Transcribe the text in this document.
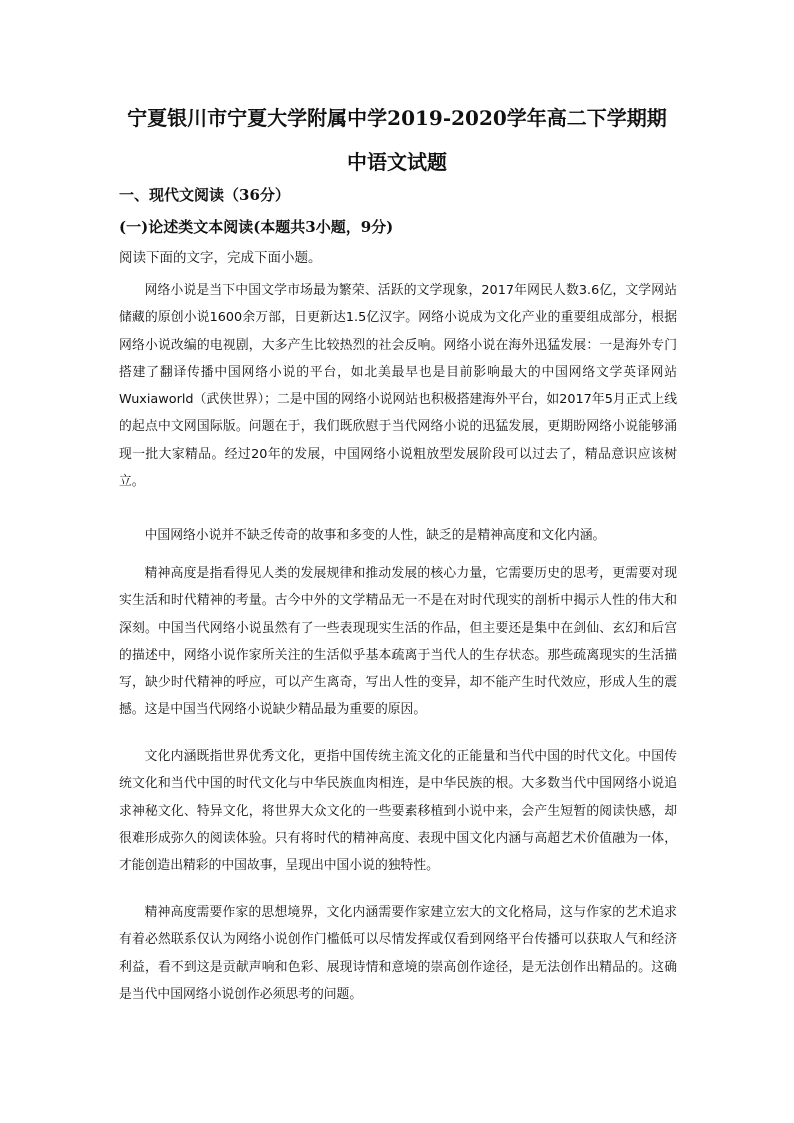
宁夏银川市宁夏大学附属中学2019-2020学年高二下学期期
中语文试题
一、现代文阅读（36分）
(一)论述类文本阅读(本题共3小题，9分)
阅读下面的文字，完成下面小题。

网络小说是当下中国文学市场最为繁荣、活跃的文学现象，2017年网民人数3.6亿，文学网站储藏的原创小说1600余万部，日更新达1.5亿汉字。网络小说成为文化产业的重要组成部分，根据网络小说改编的电视剧，大多产生比较热烈的社会反响。网络小说在海外迅猛发展：一是海外专门搭建了翻译传播中国网络小说的平台，如北美最早也是目前影响最大的中国网络文学英译网站Wuxiaworld（武侠世界）；二是中国的网络小说网站也积极搭建海外平台，如2017年5月正式上线的起点中文网国际版。问题在于，我们既欣慰于当代网络小说的迅猛发展，更期盼网络小说能够涌现一批大家精品。经过20年的发展，中国网络小说粗放型发展阶段可以过去了，精品意识应该树立。

中国网络小说并不缺乏传奇的故事和多变的人性，缺乏的是精神高度和文化内涵。

精神高度是指看得见人类的发展规律和推动发展的核心力量，它需要历史的思考，更需要对现实生活和时代精神的考量。古今中外的文学精品无一不是在对时代现实的剖析中揭示人性的伟大和深刻。中国当代网络小说虽然有了一些表现现实生活的作品，但主要还是集中在剑仙、玄幻和后宫的描述中，网络小说作家所关注的生活似乎基本疏离于当代人的生存状态。那些疏离现实的生活描写，缺少时代精神的呼应，可以产生离奇，写出人性的变异，却不能产生时代效应，形成人生的震撼。这是中国当代网络小说缺少精品最为重要的原因。

文化内涵既指世界优秀文化，更指中国传统主流文化的正能量和当代中国的时代文化。中国传统文化和当代中国的时代文化与中华民族血肉相连，是中华民族的根。大多数当代中国网络小说追求神秘文化、特异文化，将世界大众文化的一些要素移植到小说中来，会产生短暂的阅读快感，却很难形成弥久的阅读体验。只有将时代的精神高度、表现中国文化内涵与高超艺术价值融为一体，才能创造出精彩的中国故事，呈现出中国小说的独特性。

精神高度需要作家的思想境界，文化内涵需要作家建立宏大的文化格局，这与作家的艺术追求有着必然联系仅认为网络小说创作门槛低可以尽情发挥或仅看到网络平台传播可以获取人气和经济利益，看不到这是贡献声响和色彩、展现诗情和意境的崇高创作途径，是无法创作出精品的。这确是当代中国网络小说创作必须思考的问题。
